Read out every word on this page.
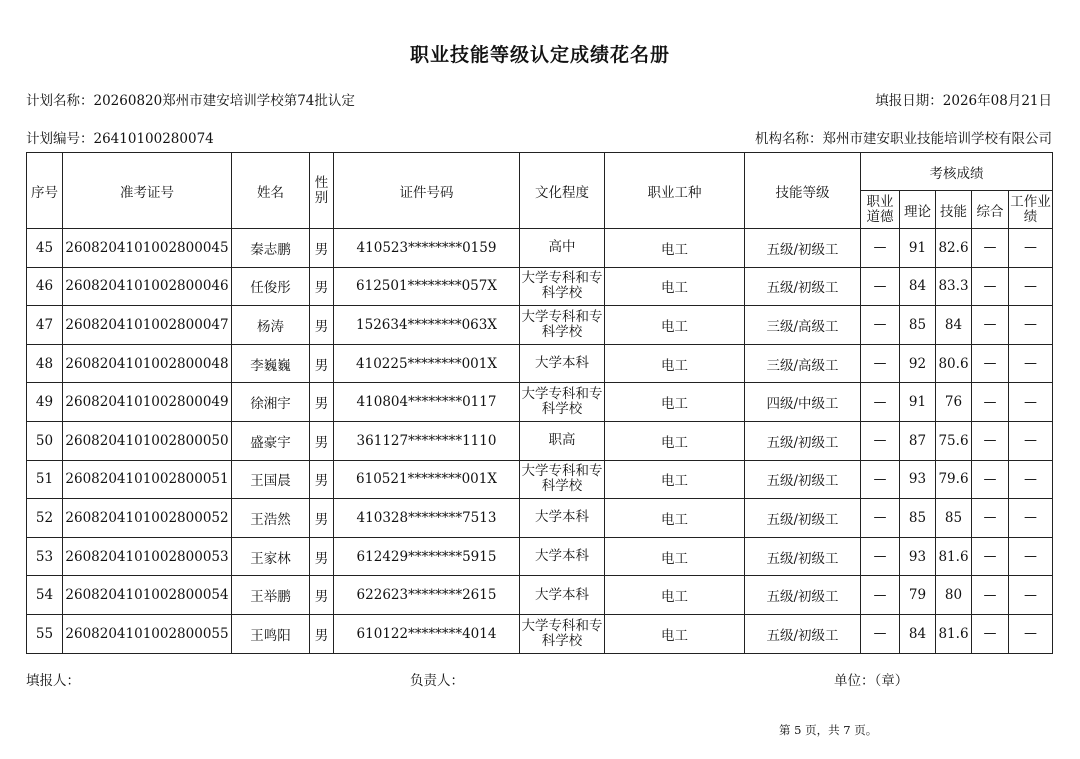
职业技能等级认定成绩花名册
计划名称：20260820郑州市建安培训学校第74批认定	填报日期：2026年08月21日
计划编号：26410100280074	机构名称：郑州市建安职业技能培训学校有限公司
序号	准考证号	姓名	性别	证件号码	文化程度	职业工种	技能等级	考核成绩				
								职业道德	理论	技能	综合	工作业绩
45	2608204101002800045	秦志鹏	男	410523********0159	高中	电工	五级/初级工	—	91	82.6	—	—
46	2608204101002800046	任俊彤	男	612501********057X	大学专科和专科学校	电工	五级/初级工	—	84	83.3	—	—
47	2608204101002800047	杨涛	男	152634********063X	大学专科和专科学校	电工	三级/高级工	—	85	84	—	—
48	2608204101002800048	李巍巍	男	410225********001X	大学本科	电工	三级/高级工	—	92	80.6	—	—
49	2608204101002800049	徐湘宇	男	410804********0117	大学专科和专科学校	电工	四级/中级工	—	91	76	—	—
50	2608204101002800050	盛豪宇	男	361127********1110	职高	电工	五级/初级工	—	87	75.6	—	—
51	2608204101002800051	王国晨	男	610521********001X	大学专科和专科学校	电工	五级/初级工	—	93	79.6	—	—
52	2608204101002800052	王浩然	男	410328********7513	大学本科	电工	五级/初级工	—	85	85	—	—
53	2608204101002800053	王家林	男	612429********5915	大学本科	电工	五级/初级工	—	93	81.6	—	—
54	2608204101002800054	王举鹏	男	622623********2615	大学本科	电工	五级/初级工	—	79	80	—	—
55	2608204101002800055	王鸣阳	男	610122********4014	大学专科和专科学校	电工	五级/初级工	—	84	81.6	—	—
填报人：	负责人：	单位：（章）
第 5 页，共 7 页。
